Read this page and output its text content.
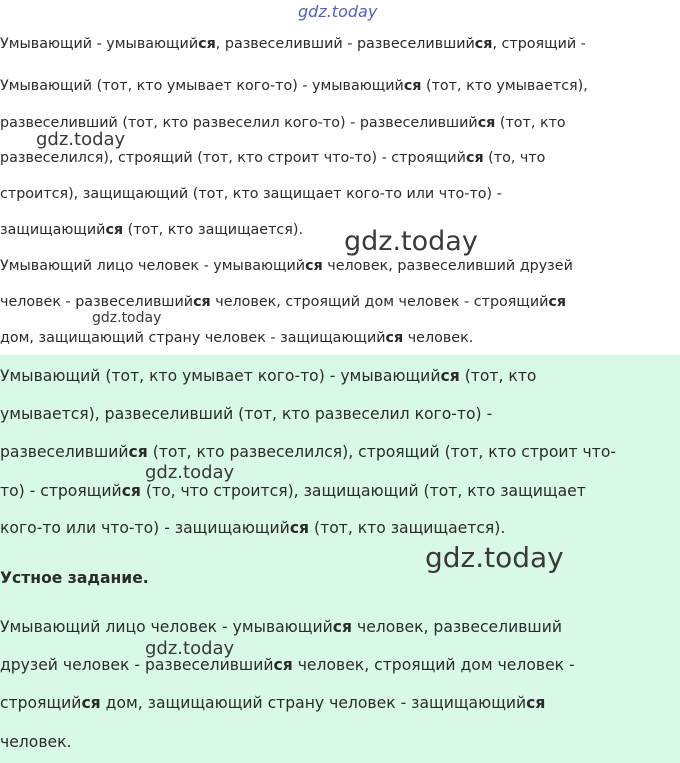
Умывающий - умывающийся, развеселивший - развеселившийся, строящий -
Умывающий (тот, кто умывает кого-то) - умывающийся (тот, кто умывается),
развеселивший (тот, кто развеселил кого-то) - развеселившийся (тот, кто
развеселился), строящий (тот, кто строит что-то) - строящийся (то, что
строится), защищающий (тот, кто защищает кого-то или что-то) -
защищающийся (тот, кто защищается).
Умывающий лицо человек - умывающийся человек, развеселивший друзей
человек - развеселившийся человек, строящий дом человек - строящийся
дом, защищающий страну человек - защищающийся человек.
Умывающий (тот, кто умывает кого-то) - умывающийся (тот, кто
умывается), развеселивший (тот, кто развеселил кого-то) -
развеселившийся (тот, кто развеселился), строящий (тот, кто строит что-
то) - строящийся (то, что строится), защищающий (тот, кто защищает
кого-то или что-то) - защищающийся (тот, кто защищается).
Устное задание.
Умывающий лицо человек - умывающийся человек, развеселивший
друзей человек - развеселившийся человек, строящий дом человек -
строящийся дом, защищающий страну человек - защищающийся
человек.
gdz.today
gdz.today
gdz.today
gdz.today
gdz.today
gdz.today
gdz.today
